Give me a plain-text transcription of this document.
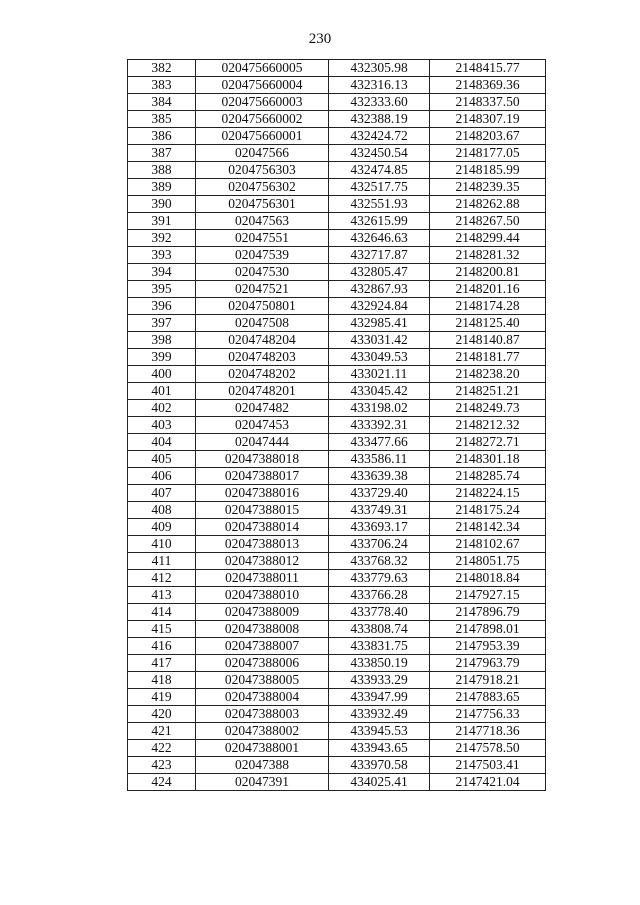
230
382	020475660005	432305.98	2148415.77
383	020475660004	432316.13	2148369.36
384	020475660003	432333.60	2148337.50
385	020475660002	432388.19	2148307.19
386	020475660001	432424.72	2148203.67
387	02047566	432450.54	2148177.05
388	0204756303	432474.85	2148185.99
389	0204756302	432517.75	2148239.35
390	0204756301	432551.93	2148262.88
391	02047563	432615.99	2148267.50
392	02047551	432646.63	2148299.44
393	02047539	432717.87	2148281.32
394	02047530	432805.47	2148200.81
395	02047521	432867.93	2148201.16
396	0204750801	432924.84	2148174.28
397	02047508	432985.41	2148125.40
398	0204748204	433031.42	2148140.87
399	0204748203	433049.53	2148181.77
400	0204748202	433021.11	2148238.20
401	0204748201	433045.42	2148251.21
402	02047482	433198.02	2148249.73
403	02047453	433392.31	2148212.32
404	02047444	433477.66	2148272.71
405	02047388018	433586.11	2148301.18
406	02047388017	433639.38	2148285.74
407	02047388016	433729.40	2148224.15
408	02047388015	433749.31	2148175.24
409	02047388014	433693.17	2148142.34
410	02047388013	433706.24	2148102.67
411	02047388012	433768.32	2148051.75
412	02047388011	433779.63	2148018.84
413	02047388010	433766.28	2147927.15
414	02047388009	433778.40	2147896.79
415	02047388008	433808.74	2147898.01
416	02047388007	433831.75	2147953.39
417	02047388006	433850.19	2147963.79
418	02047388005	433933.29	2147918.21
419	02047388004	433947.99	2147883.65
420	02047388003	433932.49	2147756.33
421	02047388002	433945.53	2147718.36
422	02047388001	433943.65	2147578.50
423	02047388	433970.58	2147503.41
424	02047391	434025.41	2147421.04
